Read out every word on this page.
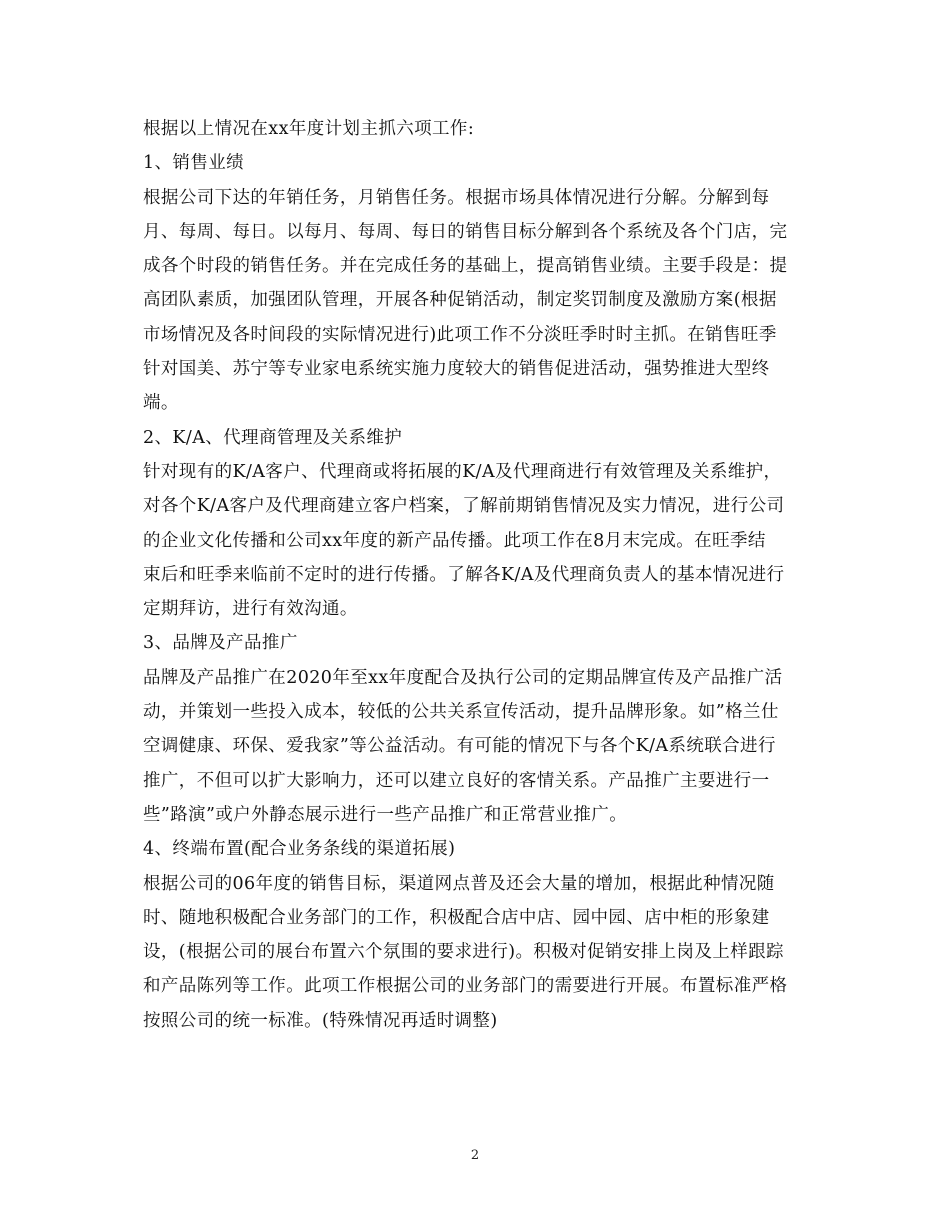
根据以上情况在xx年度计划主抓六项工作:
1、销售业绩
根据公司下达的年销任务，月销售任务。根据市场具体情况进行分解。分解到每
月、每周、每日。以每月、每周、每日的销售目标分解到各个系统及各个门店，完
成各个时段的销售任务。并在完成任务的基础上，提高销售业绩。主要手段是：提
高团队素质，加强团队管理，开展各种促销活动，制定奖罚制度及激励方案(根据
市场情况及各时间段的实际情况进行)此项工作不分淡旺季时时主抓。在销售旺季
针对国美、苏宁等专业家电系统实施力度较大的销售促进活动，强势推进大型终
端。
2、K/A、代理商管理及关系维护
针对现有的K/A客户、代理商或将拓展的K/A及代理商进行有效管理及关系维护，
对各个K/A客户及代理商建立客户档案，了解前期销售情况及实力情况，进行公司
的企业文化传播和公司xx年度的新产品传播。此项工作在8月末完成。在旺季结
束后和旺季来临前不定时的进行传播。了解各K/A及代理商负责人的基本情况进行
定期拜访，进行有效沟通。
3、品牌及产品推广
品牌及产品推广在2020年至xx年度配合及执行公司的定期品牌宣传及产品推广活
动，并策划一些投入成本，较低的公共关系宣传活动，提升品牌形象。如”格兰仕
空调健康、环保、爱我家”等公益活动。有可能的情况下与各个K/A系统联合进行
推广，不但可以扩大影响力，还可以建立良好的客情关系。产品推广主要进行一
些”路演”或户外静态展示进行一些产品推广和正常营业推广。
4、终端布置(配合业务条线的渠道拓展)
根据公司的06年度的销售目标，渠道网点普及还会大量的增加，根据此种情况随
时、随地积极配合业务部门的工作，积极配合店中店、园中园、店中柜的形象建
设，(根据公司的展台布置六个氛围的要求进行)。积极对促销安排上岗及上样跟踪
和产品陈列等工作。此项工作根据公司的业务部门的需要进行开展。布置标准严格
按照公司的统一标准。(特殊情况再适时调整)
2
